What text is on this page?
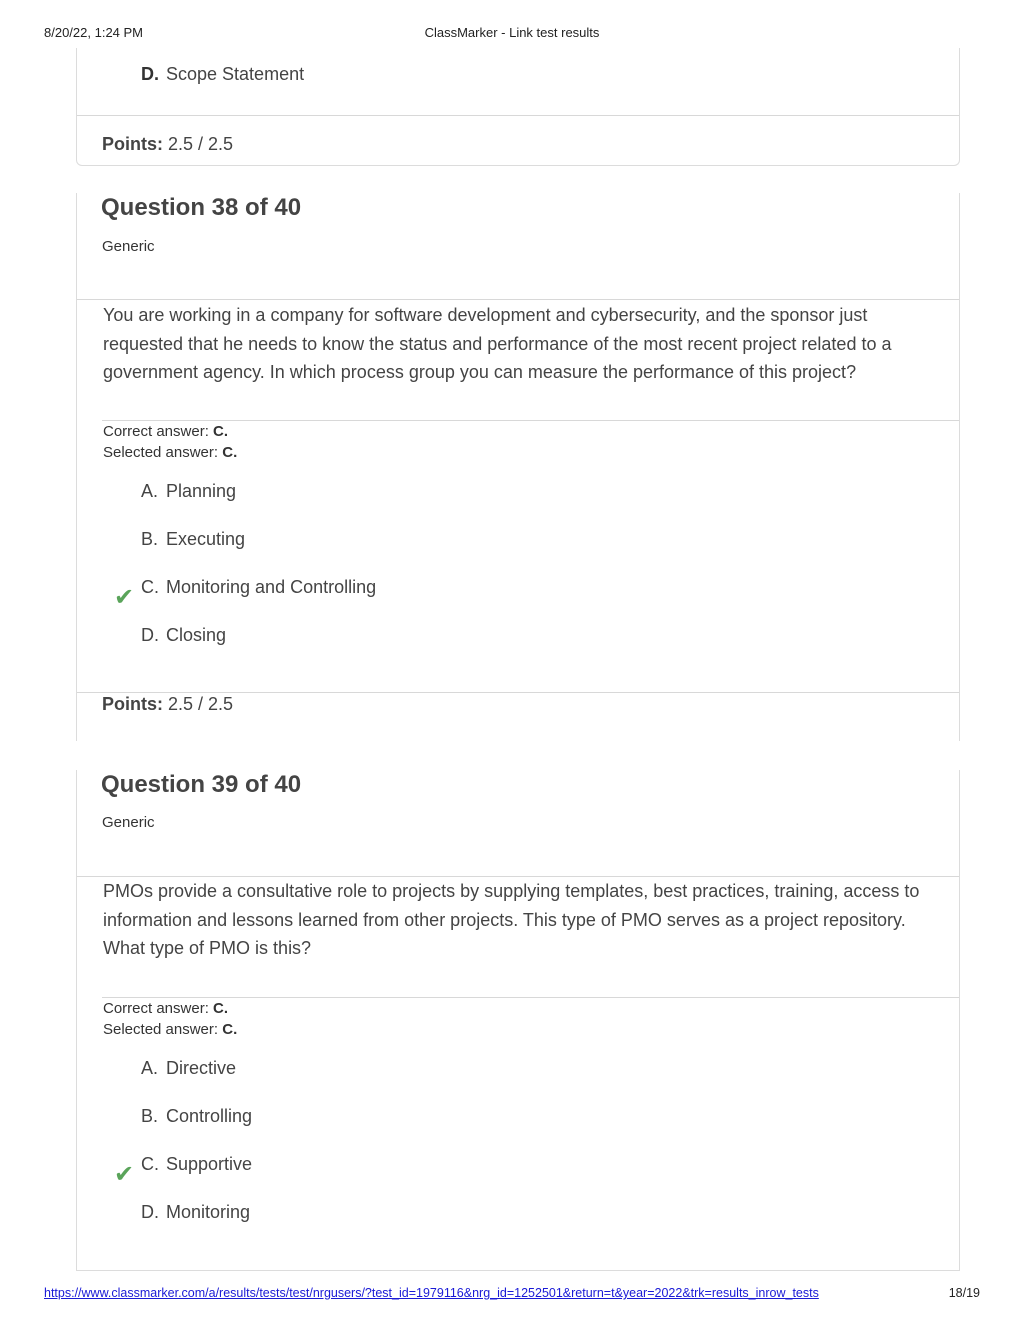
8/20/22, 1:24 PM	ClassMarker - Link test results
D. Scope Statement
Points: 2.5 / 2.5
Question 38 of 40
Generic
You are working in a company for software development and cybersecurity, and the sponsor just requested that he needs to know the status and performance of the most recent project related to a government agency. In which process group you can measure the performance of this project?
Correct answer: C.
Selected answer: C.
A. Planning
B. Executing
✔ C. Monitoring and Controlling
D. Closing
Points: 2.5 / 2.5
Question 39 of 40
Generic
PMOs provide a consultative role to projects by supplying templates, best practices, training, access to information and lessons learned from other projects. This type of PMO serves as a project repository. What type of PMO is this?
Correct answer: C.
Selected answer: C.
A. Directive
B. Controlling
✔ C. Supportive
D. Monitoring
https://www.classmarker.com/a/results/tests/test/nrgusers/?test_id=1979116&nrg_id=1252501&return=t&year=2022&trk=results_inrow_tests	18/19
